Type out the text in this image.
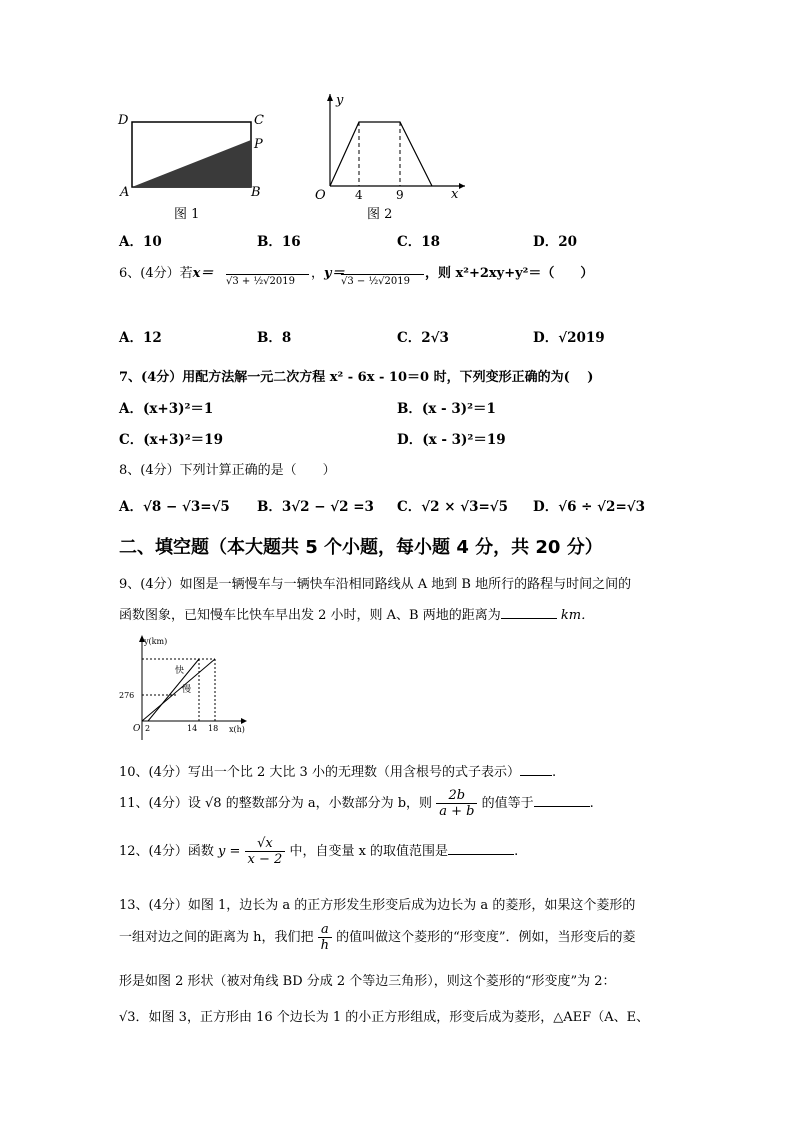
D	C
P
A	B
图 1
y
O 4	9	x
图 2
A．10	B．16	C．18	D．20
6、(4分）若x＝
√3 + ½√2019
，y＝
√3 − ½√2019
，则 x²+2xy+y²＝（　　）
A．12	B．8	C．2√3	D．√2019
7、(4分）用配方法解一元二次方程 x² - 6x - 10＝0 时，下列变形正确的为(　 )
A．(x+3)²＝1	B．(x - 3)²＝1
C．(x+3)²＝19	D．(x - 3)²＝19
8、(4分）下列计算正确的是（　　）
A．√8 − √3=√5 B．3√2 − √2 =3 C．√2 × √3=√5 D．√6 ÷ √2=√3
二、填空题（本大题共 5 个小题，每小题 4 分，共 20 分）
9、(4分）如图是一辆慢车与一辆快车沿相同路线从 A 地到 B 地所行的路程与时间之间的
函数图象，已知慢车比快车早出发 2 小时，则 A、B 两地的距离为	km．
y(km)
x(h)
O
276
2	14 18
快
慢
10、(4分）写出一个比 2 大比 3 小的无理数（用含根号的式子表示） .
11、(4分）设 √8 的整数部分为 a，小数部分为 b，则 $\frac{2b}{a + b}$ 的值等于	.
12、(4分）函数 $y = \frac{√x}{x - 2}$ 中，自变量 x 的取值范围是	.
13、(4分）如图 1，边长为 a 的正方形发生形变后成为边长为 a 的菱形，如果这个菱形的
一组对边之间的距离为 h，我们把 $\frac{a}{h}$ 的值叫做这个菱形的“形变度”．例如，当形变后的菱
形是如图 2 形状（被对角线 BD 分成 2 个等边三角形），则这个菱形的“形变度”为 2：
√3．如图 3，正方形由 16 个边长为 1 的小正方形组成，形变后成为菱形，△AEF（A、E、
